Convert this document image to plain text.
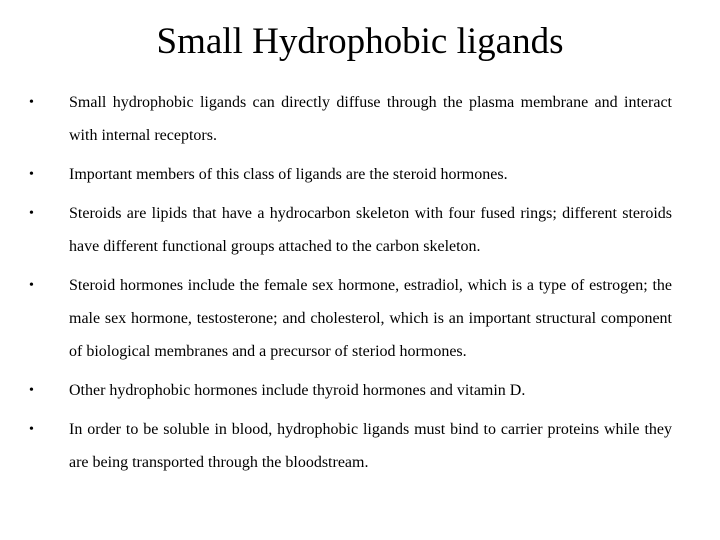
Small Hydrophobic ligands
• Small hydrophobic ligands can directly diffuse through the plasma membrane and interact with internal receptors.
• Important members of this class of ligands are the steroid hormones.
• Steroids are lipids that have a hydrocarbon skeleton with four fused rings; different steroids have different functional groups attached to the carbon skeleton.
• Steroid hormones include the female sex hormone, estradiol, which is a type of estrogen; the male sex hormone, testosterone; and cholesterol, which is an important structural component of biological membranes and a precursor of steriod hormones.
• Other hydrophobic hormones include thyroid hormones and vitamin D.
• In order to be soluble in blood, hydrophobic ligands must bind to carrier proteins while they are being transported through the bloodstream.
